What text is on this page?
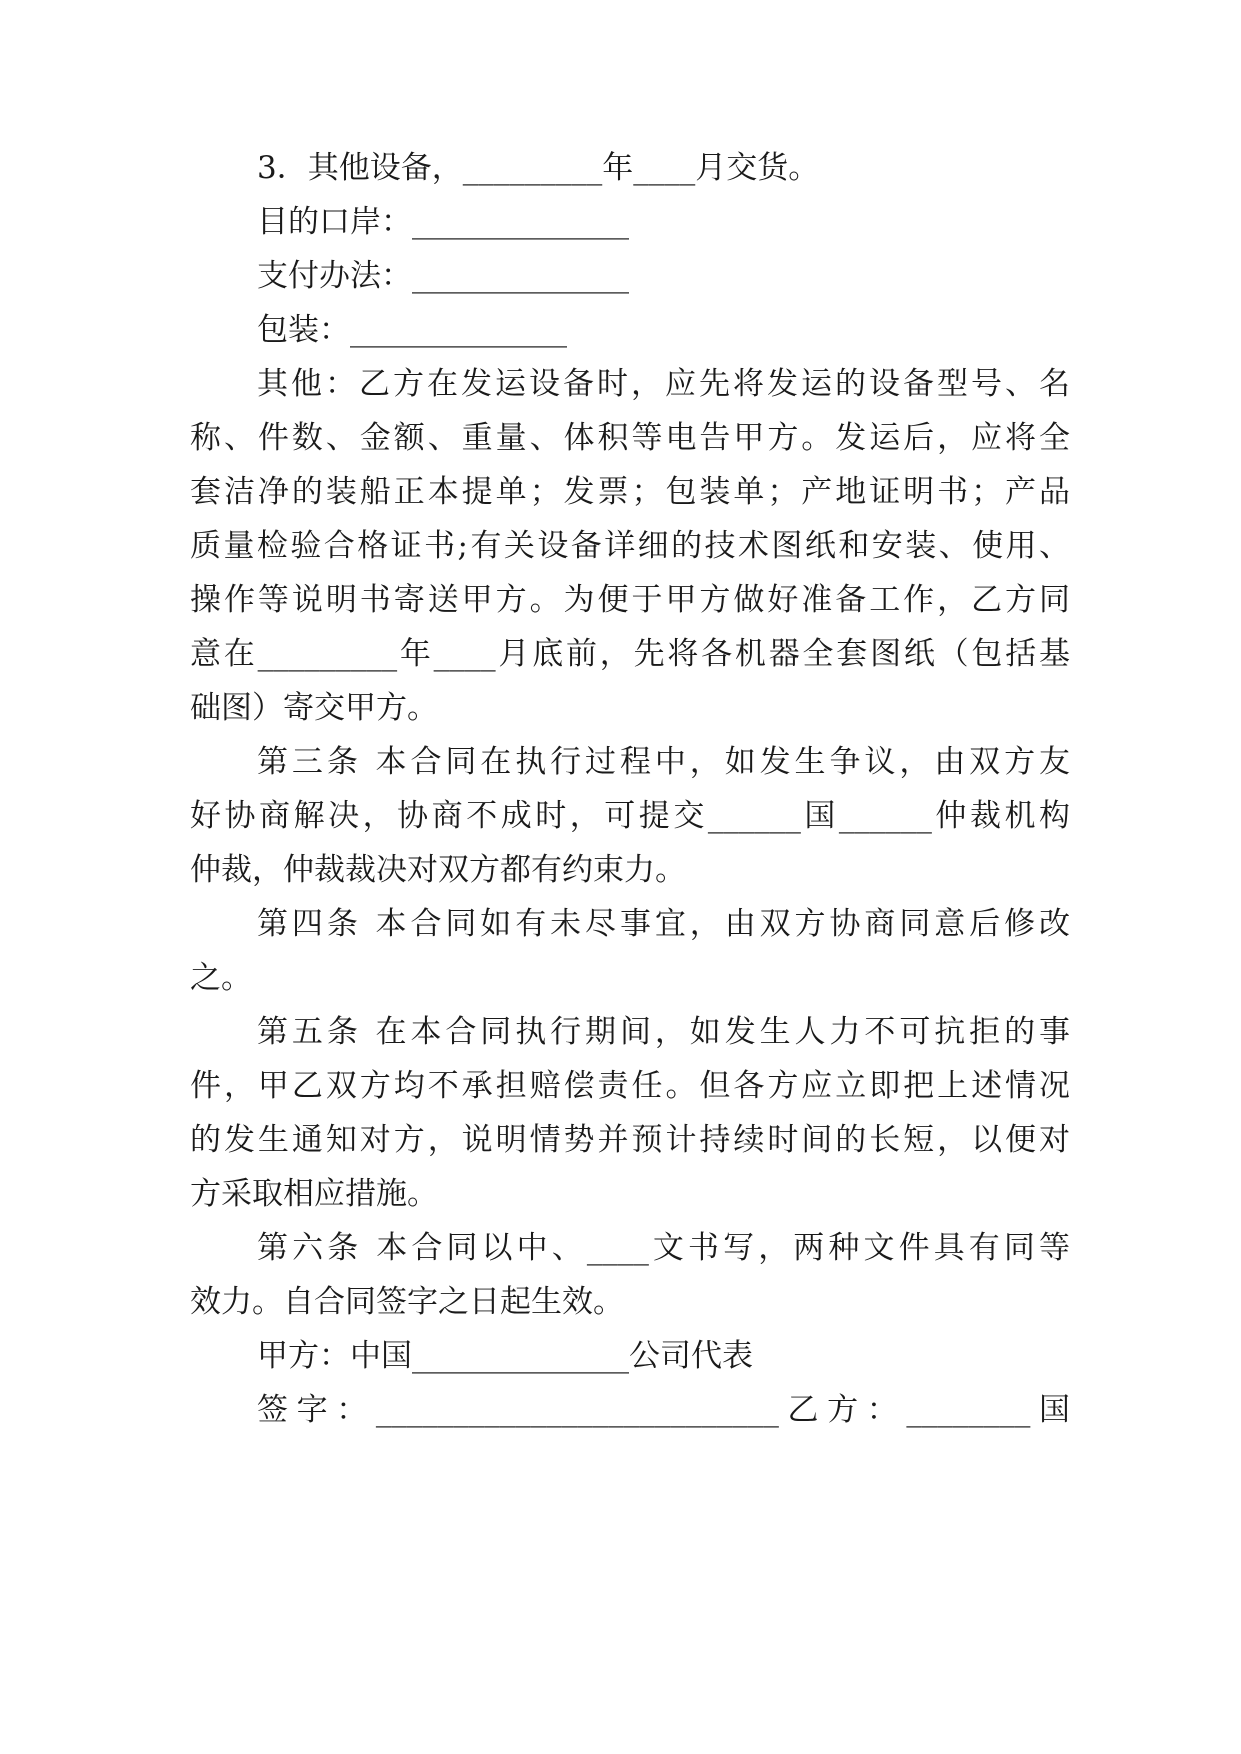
3．其他设备，_________年____月交货。
目的口岸：______________
支付办法：______________
包装：______________
其他：乙方在发运设备时，应先将发运的设备型号、名
称、件数、金额、重量、体积等电告甲方。发运后，应将全
套洁净的装船正本提单；发票；包装单；产地证明书；产品
质量检验合格证书;有关设备详细的技术图纸和安装、使用、
操作等说明书寄送甲方。为便于甲方做好准备工作，乙方同
意在_________年____月底前，先将各机器全套图纸（包括基
础图）寄交甲方。
第三条 本合同在执行过程中，如发生争议，由双方友
好协商解决，协商不成时，可提交______国______仲裁机构
仲裁，仲裁裁决对双方都有约束力。
第四条 本合同如有未尽事宜，由双方协商同意后修改
之。
第五条 在本合同执行期间，如发生人力不可抗拒的事
件，甲乙双方均不承担赔偿责任。但各方应立即把上述情况
的发生通知对方，说明情势并预计持续时间的长短，以便对
方采取相应措施。
第六条 本合同以中、____文书写，两种文件具有同等
效力。自合同签字之日起生效。
甲方：中国______________公司代表
签字：__________________________乙方：________国
